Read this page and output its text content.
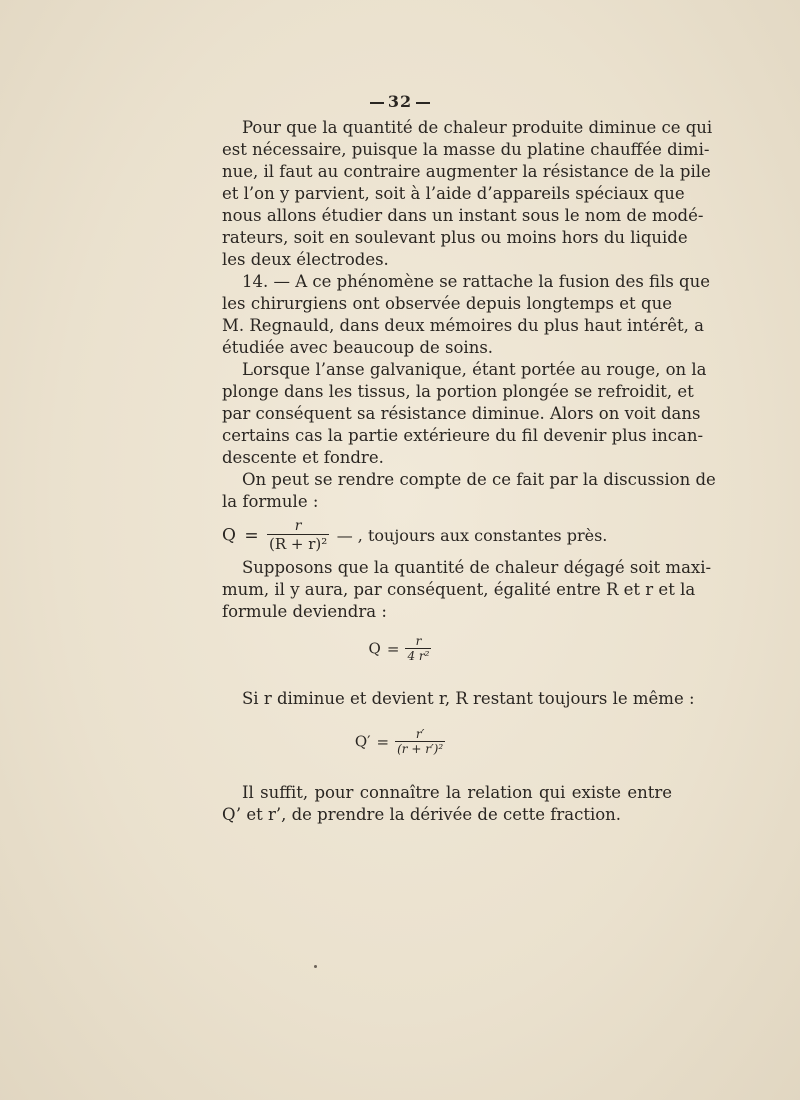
32
Pour que la quantité de chaleur produite diminue ce qui
est nécessaire, puisque la masse du platine chauffée dimi-
nue, il faut au contraire augmenter la résistance de la pile
et l’on y parvient, soit à l’aide d’appareils spéciaux que
nous allons étudier dans un instant sous le nom de modé-
rateurs, soit en soulevant plus ou moins hors du liquide
les deux électrodes.
14. — A ce phénomène se rattache la fusion des fils que
les chirurgiens ont observée depuis longtemps et que
M. Regnauld, dans deux mémoires du plus haut intérêt, a
étudiée avec beaucoup de soins.
Lorsque l’anse galvanique, étant portée au rouge, on la
plonge dans les tissus, la portion plongée se refroidit, et
par conséquent sa résistance diminue. Alors on voit dans
certains cas la partie extérieure du fil devenir plus incan-
descente et fondre.
On peut se rendre compte de ce fait par la discussion de
la formule :
$Q = \frac{r}{\text{(R + r)²}}$ — , toujours aux constantes près.
Supposons que la quantité de chaleur dégagé soit maxi-
mum, il y aura, par conséquent, égalité entre R et r et la
formule deviendra :
$Q = \frac{r}{\text{4 r²}}$
Si r diminue et devient r, R restant toujours le même :
$Q' = \frac{r'}{\text{(r + r′)²}}$
Il suffit, pour connaître la relation qui existe entre
Q’ et r’, de prendre la dérivée de cette fraction.
